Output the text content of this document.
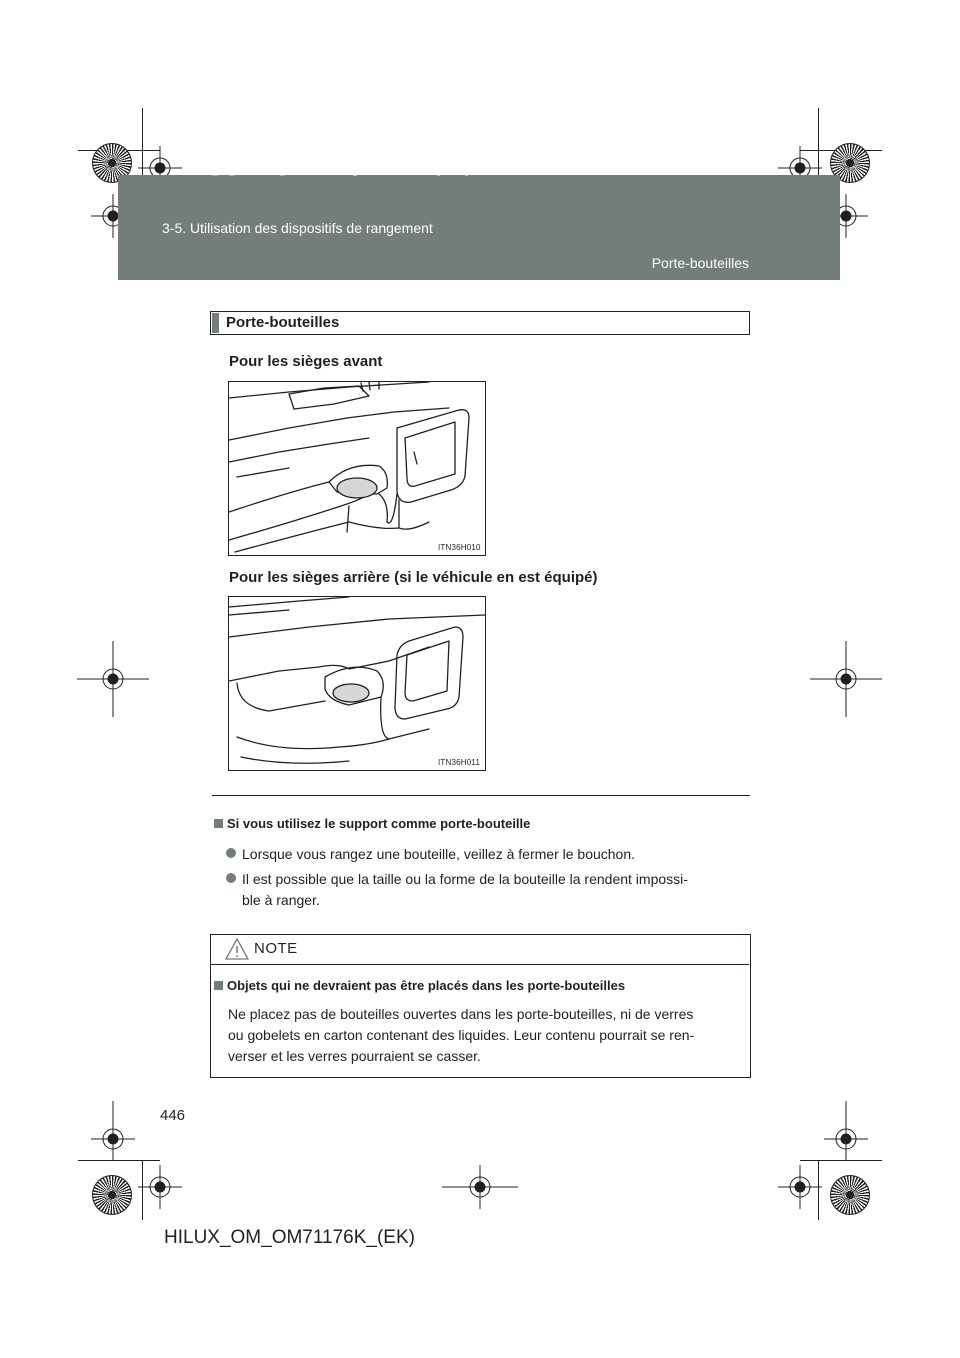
HILUX_OM_OM71176K_(EK).book Page 446 Wednesday, May 16, 2012 2:32 PM
3-5. Utilisation des dispositifs de rangement
Porte-bouteilles
Porte-bouteilles
Pour les sièges avant
ITN36H010
Pour les sièges arrière (si le véhicule en est équipé)
ITN36H011
Si vous utilisez le support comme porte-bouteille
Lorsque vous rangez une bouteille, veillez à fermer le bouchon.
Il est possible que la taille ou la forme de la bouteille la rendent impossi-
ble à ranger.
NOTE
Objets qui ne devraient pas être placés dans les porte-bouteilles
Ne placez pas de bouteilles ouvertes dans les porte-bouteilles, ni de verres
ou gobelets en carton contenant des liquides. Leur contenu pourrait se ren-
verser et les verres pourraient se casser.
446
HILUX_OM_OM71176K_(EK)
